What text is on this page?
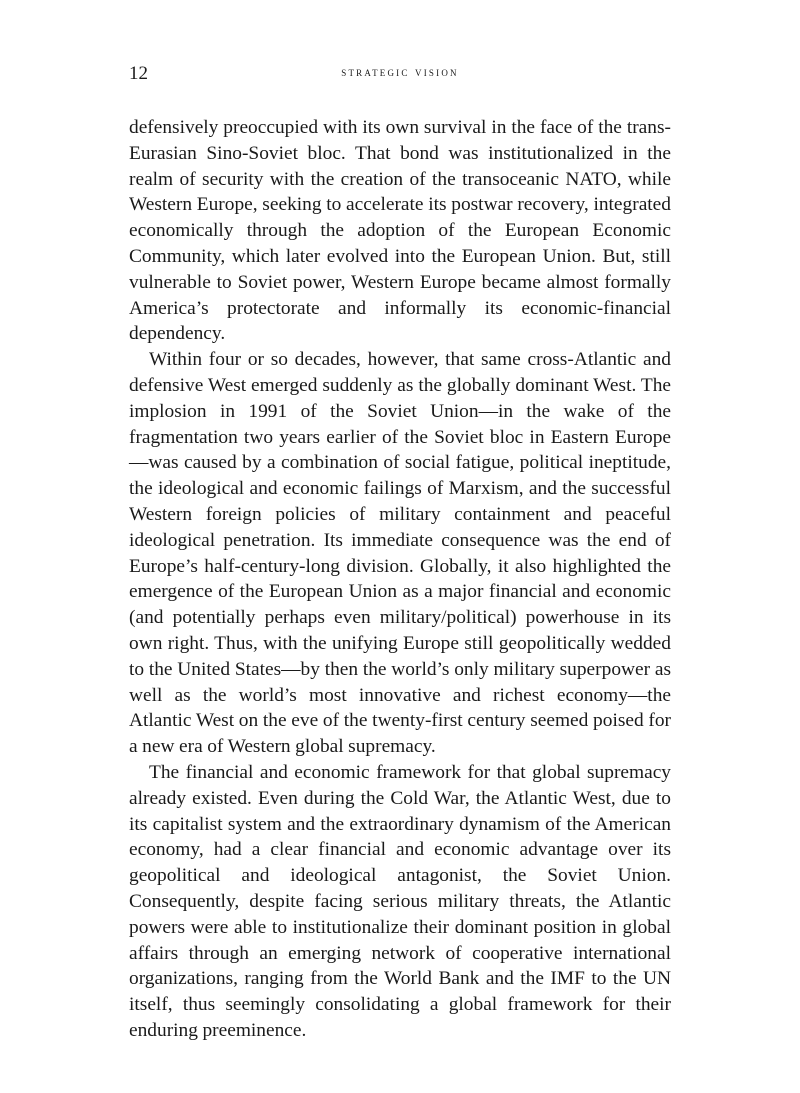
12	strategic vision

defensively preoccupied with its own survival in the face of the trans-Eurasian Sino-Soviet bloc. That bond was institutionalized in the realm of security with the creation of the transoceanic NATO, while Western Europe, seeking to accelerate its postwar recovery, integrated economically through the adoption of the European Economic Community, which later evolved into the European Union. But, still vulnerable to Soviet power, Western Europe became almost formally America’s protectorate and informally its economic-financial dependency.

Within four or so decades, however, that same cross-Atlantic and defensive West emerged suddenly as the globally dominant West. The implosion in 1991 of the Soviet Union—in the wake of the fragmentation two years earlier of the Soviet bloc in Eastern Europe—was caused by a combination of social fatigue, political ineptitude, the ideological and economic failings of Marxism, and the successful Western foreign policies of military containment and peaceful ideological penetration. Its immediate consequence was the end of Europe’s half-century-long division. Globally, it also highlighted the emergence of the European Union as a major financial and economic (and potentially perhaps even military/political) powerhouse in its own right. Thus, with the unifying Europe still geopolitically wedded to the United States—by then the world’s only military superpower as well as the world’s most innovative and richest economy—the Atlantic West on the eve of the twenty-first century seemed poised for a new era of Western global supremacy.

The financial and economic framework for that global supremacy already existed. Even during the Cold War, the Atlantic West, due to its capitalist system and the extraordinary dynamism of the American economy, had a clear financial and economic advantage over its geopolitical and ideological antagonist, the Soviet Union. Consequently, despite facing serious military threats, the Atlantic powers were able to institutionalize their dominant position in global affairs through an emerging network of cooperative international organizations, ranging from the World Bank and the IMF to the UN itself, thus seemingly consolidating a global framework for their enduring preeminence.
